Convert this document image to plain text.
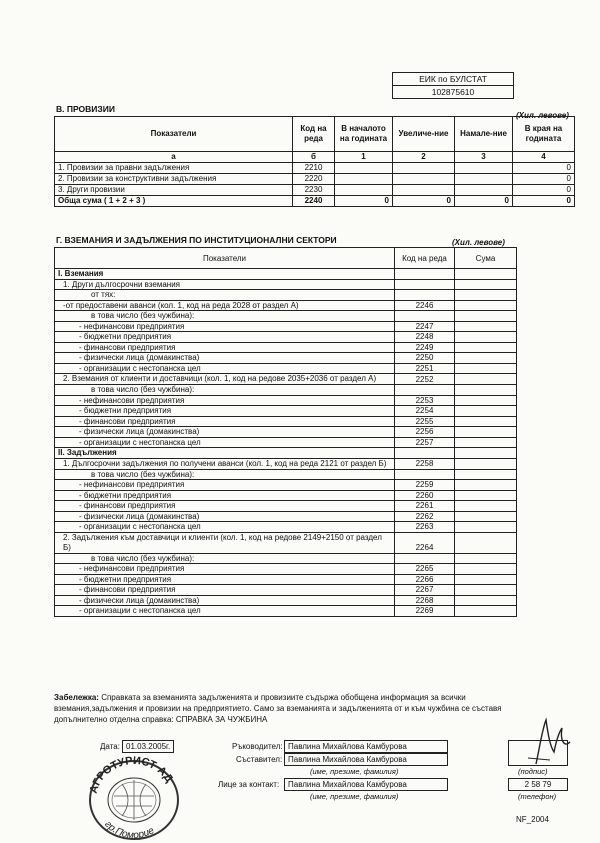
ЕИК по БУЛСТАТ
102875610
В. ПРОВИЗИИ
(Хил. левове)
Показатели	Код на реда	В началото на годината	Увеличе-ние	Намале-ние	В края на годината
а	б	1	2	3	4
1. Провизии за правни задължения	2210				0
2. Провизии за конструктивни задължения	2220				0
3. Други провизии	2230				0
Обща сума ( 1 + 2 + 3 )	2240	0	0	0	0
Г. ВЗЕМАНИЯ И ЗАДЪЛЖЕНИЯ ПО ИНСТИТУЦИОНАЛНИ СЕКТОРИ	(Хил. левове)
Показатели	Код на реда	Сума
I. Вземания		
1. Други дългосрочни вземания		
от тях:		
-от предоставени аванси (кол. 1, код на реда 2028 от раздел А)	2246	
в това число (без чужбина):		
- нефинансови предприятия	2247	
- бюджетни предприятия	2248	
- финансови предприятия	2249	
- физически лица (домакинства)	2250	
- организации с нестопанска цел	2251	
2. Вземания от клиенти и доставчици (кол. 1, код на редове 2035+2036 от раздел А)	2252	
в това число (без чужбина):		
- нефинансови предприятия	2253	
- бюджетни предприятия	2254	
- финансови предприятия	2255	
- физически лица (домакинства)	2256	
- организации с нестопанска цел	2257	
II. Задължения		
1. Дългосрочни задължения по получени аванси (кол. 1, код на реда 2121 от раздел Б)	2258	
в това число (без чужбина):		
- нефинансови предприятия	2259	
- бюджетни предприятия	2260	
- финансови предприятия	2261	
- физически лица (домакинства)	2262	
- организации с нестопанска цел	2263	
2. Задължения към доставчици и клиенти (кол. 1, код на редове 2149+2150 от раздел Б)	2264	
в това число (без чужбина):		
- нефинансови предприятия	2265	
- бюджетни предприятия	2266	
- финансови предприятия	2267	
- физически лица (домакинства)	2268	
- организации с нестопанска цел	2269	
Забележка: Справката за вземанията задълженията и провизиите съдържа обобщена информация за всички вземания,задължения и провизии на предприятието. Само за вземанията и задълженията от и към чужбина се съставя допълнително отделна справка: СПРАВКА ЗА ЧУЖБИНА
Дата: 01.03.2005г.	Ръководител: Павлина Михайлова Камбурова
Съставител: Павлина Михайлова Камбурова
(име, презиме, фамилия)
Лице за контакт:	Павлина Михайлова Камбурова
(име, презиме, фамилия)
(подпис)
2 58 79
(телефон)
NF_2004
АГРОТУРИСТ АД
гр.Поморие
